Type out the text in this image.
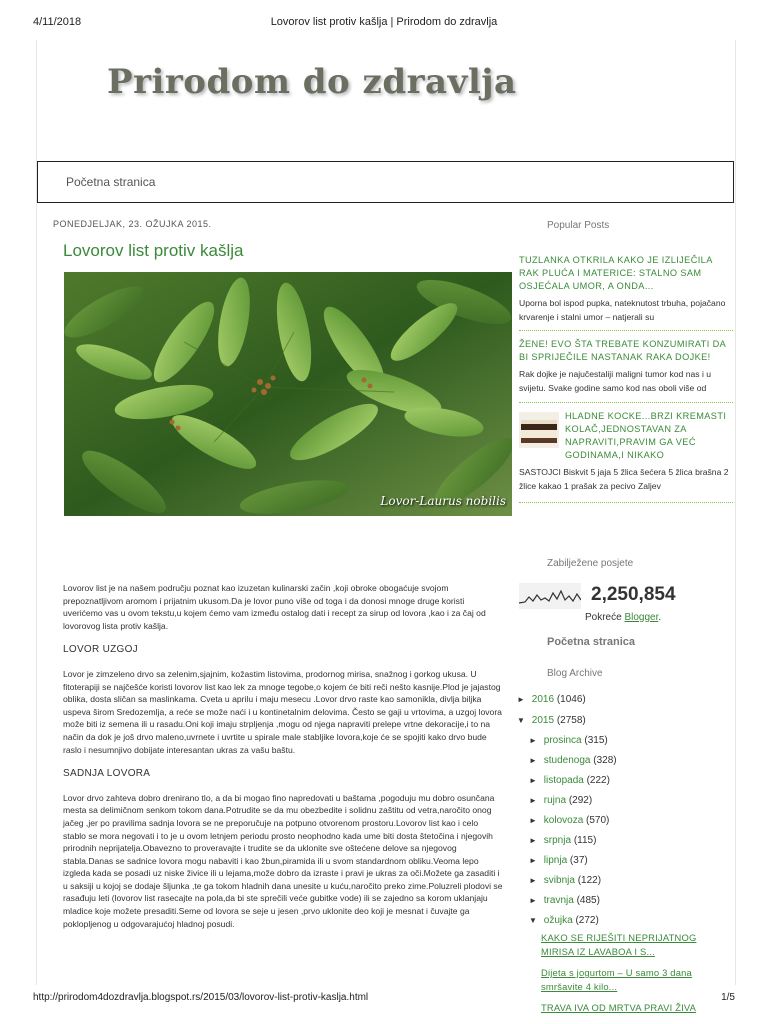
4/11/2018	Lovorov list protiv kašlja | Prirodom do zdravlja
Prirodom do zdravlja
Početna stranica
PONEDJELJAK, 23. OŽUJKA 2015.
Lovorov list protiv kašlja
Lovor-Laurus nobilis

Lovorov list je na našem području poznat kao izuzetan kulinarski začin ,koji obroke obogaćuje svojom prepoznatljivom aromom i prijatnim ukusom.Da je lovor puno više od toga i da donosi mnoge druge koristi uverićemo vas u ovom tekstu,u kojem ćemo vam između ostalog dati i recept za sirup od lovora ,kao i za čaj od lovorovog lista protiv kašlja.

LOVOR UZGOJ

Lovor je zimzeleno drvo sa zelenim,sjajnim, kožastim listovima, prodornog mirisa, snažnog i gorkog ukusa. U fitoterapiji se najčešće koristi lovorov list kao lek za mnoge tegobe,o kojem će biti reči nešto kasnije.Plod je jajastog oblika, dosta sličan sa maslinkama. Cveta u aprilu i maju mesecu .Lovor drvo raste kao samonikla, divlja biljka uspeva širom Sredozemlja, a reće se može naći i u kontinetalnim delovima. Često se gaji u vrtovima, a uzgoj lovora može biti iz semena ili u rasadu.Oni koji imaju strpljenja ,mogu od njega napraviti prelepe vrtne dekoracije,i to na način da dok je još drvo maleno,uvrnete i uvrtite u spirale male stabljike lovora,koje će se spojiti kako drvo bude raslo i nesumnjivo dobijate interesantan ukras za vašu baštu.

SADNJA LOVORA

Lovor drvo zahteva dobro drenirano tlo, a da bi mogao fino napredovati u baštama ,pogoduju mu dobro osunčana mesta sa delimičnom senkom tokom dana.Potrudite se da mu obezbedite i solidnu zaštitu od vetra,naročito onog jačeg ,jer po pravilima sadnja lovora se ne preporučuje na potpuno otvorenom prostoru.Lovorov list kao i celo stablo se mora negovati i to je u ovom letnjem periodu prosto neophodno kada ume biti dosta štetočina i njegovih prirodnih neprijatelja.Obavezno to proveravajte i trudite se da uklonite sve oštećene delove sa njegovog stabla.Danas se sadnice lovora mogu nabaviti i kao žbun,piramida ili u svom standardnom obliku.Veoma lepo izgleda kada se posadi uz niske živice ili u lejama,može dobro da izraste i pravi je ukras za oči.Možete ga zasaditi i u saksiji u kojoj se dodaje šljunka ,te ga tokom hladnih dana unesite u kuću,naročito preko zime.Poluzreli plodovi se rasađuju leti (lovorov list rasecajte na pola,da bi ste sprečili veće gubitke vode) ili se zajedno sa korom uklanjaju mladice koje možete presaditi.Seme od lovora se seje u jesen ,prvo uklonite deo koji je mesnat i čuvajte ga poklopljenog u odgovarajućoj hladnoj posudi.

Popular Posts
TUZLANKA OTKRILA KAKO JE IZLIJEČILA RAK PLUĆA I MATERICE: STALNO SAM OSJEĆALA UMOR, A ONDA...
Uporna bol ispod pupka, nateknutost trbuha, pojačano krvarenje i stalni umor – natjerali su
ŽENE! EVO ŠTA TREBATE KONZUMIRATI DA BI SPRIJEČILE NASTANAK RAKA DOJKE!
Rak dojke je najučestaliji maligni tumor kod nas i u svijetu. Svake godine samo kod nas oboli više od
HLADNE KOCKE...BRZI KREMASTI KOLAČ,JEDNOSTAVAN ZA NAPRAVITI,PRAVIM GA VEĆ GODINAMA,I NIKAKO
SASTOJCI Biskvit 5 jaja 5 žlica šećera 5 žlica brašna 2 žlice kakao 1 prašak za pecivo Zaljev
Zabilježene posjete
2,250,854
Pokreće Blogger.
Početna stranica
Blog Archive
► 2016 (1046)
▼ 2015 (2758)
► prosinca (315)
► studenoga (328)
► listopada (222)
► rujna (292)
► kolovoza (570)
► srpnja (115)
► lipnja (37)
► svibnja (122)
► travnja (485)
▼ ožujka (272)
KAKO SE RIJEŠITI NEPRIJATNOG MIRISA IZ LAVABOA I S...
Dijeta s jogurtom – U samo 3 dana smršavite 4 kilo...
TRAVA IVA OD MRTVA PRAVI ŽIVA
http://prirodom4dozdravlja.blogspot.rs/2015/03/lovorov-list-protiv-kaslja.html	1/5
